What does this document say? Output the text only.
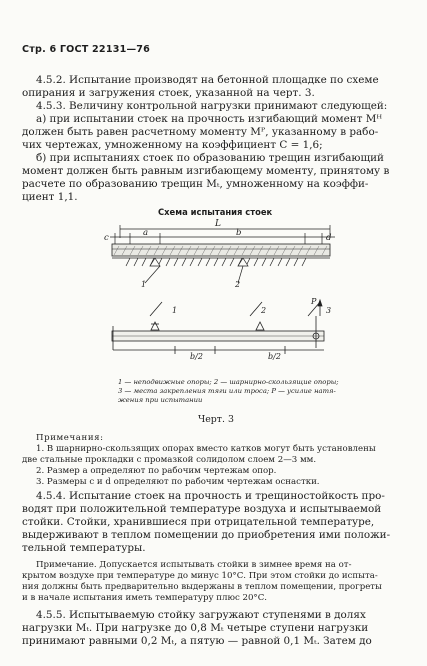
Стр. 6 ГОСТ 22131—76
4.5.2. Испытание производят на бетонной площадке по схеме
опирания и загружения стоек, указанной на черт. 3.
4.5.3. Величину контрольной нагрузки принимают следующей:
а) при испытании стоек на прочность изгибающий момент Mᴴ
должен быть равен расчетному моменту Mᴾ, указанному в рабо-
чих чертежах, умноженному на коэффициент C = 1,6;
б) при испытаниях стоек по образованию трещин изгибающий
момент должен быть равным изгибающему моменту, принятому в
расчете по образованию трещин Mₜ, умноженному на коэффи-
циент 1,1.
Схема испытания стоек
L
c	a	b	d
1	2
1	2	3
P
b/2	b/2
1 — неподвижные опоры; 2 — шарнирно-скользящие опоры;
3 — места закрепления тяги или троса; P — усилие натя-
жения при испытании
Черт. 3
Примечания:
1. В шарнирно-скользящих опорах вместо катков могут быть установлены
две стальные прокладки с промазкой солидолом слоем 2—3 мм.
2. Размер a определяют по рабочим чертежам опор.
3. Размеры c и d определяют по рабочим чертежам оснастки.
4.5.4. Испытание стоек на прочность и трещиностойкость про-
водят при положительной температуре воздуха и испытываемой
стойки. Стойки, хранившиеся при отрицательной температуре,
выдерживают в теплом помещении до приобретения ими положи-
тельной температуры.
Примечание. Допускается испытывать стойки в зимнее время на от-
крытом воздухе при температуре до минус 10°С. При этом стойки до испыта-
ния должны быть предварительно выдержаны в теплом помещении, прогреты
и в начале испытания иметь температуру плюс 20°С.
4.5.5. Испытываемую стойку загружают ступенями в долях
нагрузки Mₜ. При нагрузке до 0,8 Mₜ четыре ступени нагрузки
принимают равными 0,2 Mₜ, а пятую — равной 0,1 Mₜ. Затем до
